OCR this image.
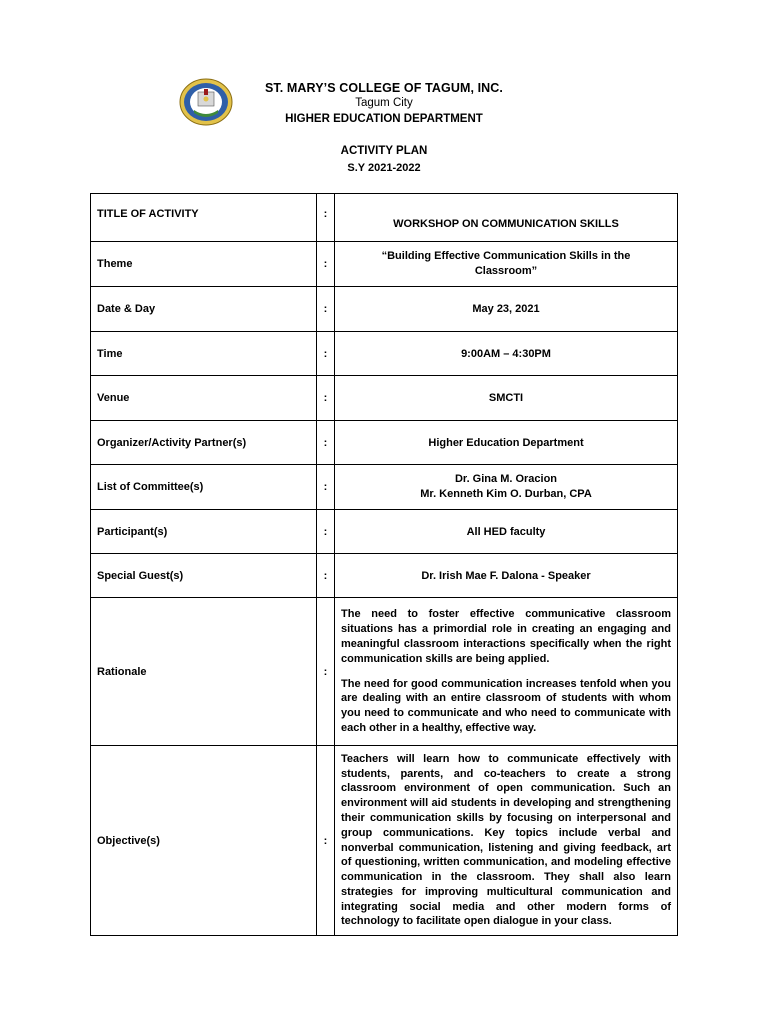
ST. MARY’S COLLEGE OF TAGUM, INC.
Tagum City
HIGHER EDUCATION DEPARTMENT
ACTIVITY PLAN
S.Y 2021-2022
TITLE OF ACTIVITY	:	WORKSHOP ON COMMUNICATION SKILLS
Theme	:	“Building Effective Communication Skills in the
Classroom”
Date & Day	:	May 23, 2021
Time	:	9:00AM – 4:30PM
Venue	:	SMCTI
Organizer/Activity Partner(s)	:	Higher Education Department
List of Committee(s)	:	Dr. Gina M. Oracion
Mr. Kenneth Kim O. Durban, CPA
Participant(s)	:	All HED faculty
Special Guest(s)	:	Dr. Irish Mae F. Dalona - Speaker
Rationale	:	The need to foster effective communicative classroom situations has a primordial role in creating an engaging and meaningful classroom interactions specifically when the right communication skills are being applied.

The need for good communication increases tenfold when you are dealing with an entire classroom of students with whom you need to communicate and who need to communicate with each other in a healthy, effective way.

Objective(s)	:	Teachers will learn how to communicate effectively with students, parents, and co-teachers to create a strong classroom environment of open communication. Such an environment will aid students in developing and strengthening their communication skills by focusing on interpersonal and group communications. Key topics include verbal and nonverbal communication, listening and giving feedback, art of questioning, written communication, and modeling effective communication in the classroom. They shall also learn strategies for improving multicultural communication and integrating social media and other modern forms of technology to facilitate open dialogue in your class.
